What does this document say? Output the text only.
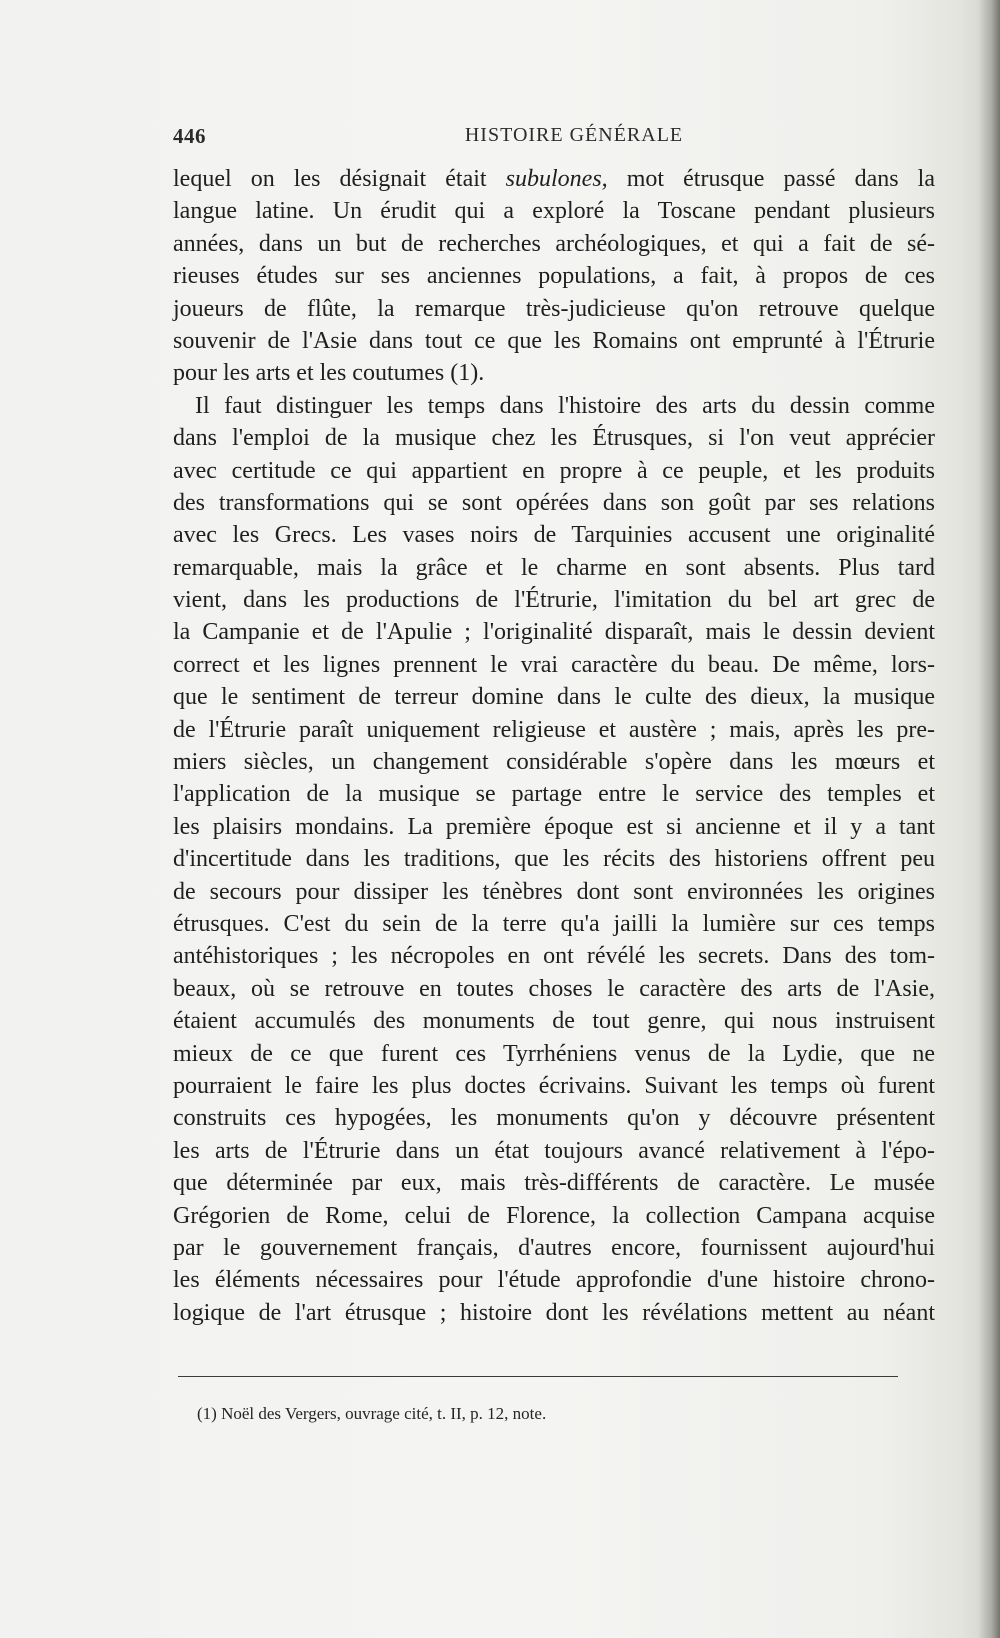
446	HISTOIRE GÉNÉRALE
lequel on les désignait était subulones, mot étrusque passé dans la
langue latine. Un érudit qui a exploré la Toscane pendant plusieurs
années, dans un but de recherches archéologiques, et qui a fait de sé-
rieuses études sur ses anciennes populations, a fait, à propos de ces
joueurs de flûte, la remarque très-judicieuse qu'on retrouve quelque
souvenir de l'Asie dans tout ce que les Romains ont emprunté à l'Étrurie
pour les arts et les coutumes (1).
Il faut distinguer les temps dans l'histoire des arts du dessin comme
dans l'emploi de la musique chez les Étrusques, si l'on veut apprécier
avec certitude ce qui appartient en propre à ce peuple, et les produits
des transformations qui se sont opérées dans son goût par ses relations
avec les Grecs. Les vases noirs de Tarquinies accusent une originalité
remarquable, mais la grâce et le charme en sont absents. Plus tard
vient, dans les productions de l'Étrurie, l'imitation du bel art grec de
la Campanie et de l'Apulie ; l'originalité disparaît, mais le dessin devient
correct et les lignes prennent le vrai caractère du beau. De même, lors-
que le sentiment de terreur domine dans le culte des dieux, la musique
de l'Étrurie paraît uniquement religieuse et austère ; mais, après les pre-
miers siècles, un changement considérable s'opère dans les mœurs et
l'application de la musique se partage entre le service des temples et
les plaisirs mondains. La première époque est si ancienne et il y a tant
d'incertitude dans les traditions, que les récits des historiens offrent peu
de secours pour dissiper les ténèbres dont sont environnées les origines
étrusques. C'est du sein de la terre qu'a jailli la lumière sur ces temps
antéhistoriques ; les nécropoles en ont révélé les secrets. Dans des tom-
beaux, où se retrouve en toutes choses le caractère des arts de l'Asie,
étaient accumulés des monuments de tout genre, qui nous instruisent
mieux de ce que furent ces Tyrrhéniens venus de la Lydie, que ne
pourraient le faire les plus doctes écrivains. Suivant les temps où furent
construits ces hypogées, les monuments qu'on y découvre présentent
les arts de l'Étrurie dans un état toujours avancé relativement à l'épo-
que déterminée par eux, mais très-différents de caractère. Le musée
Grégorien de Rome, celui de Florence, la collection Campana acquise
par le gouvernement français, d'autres encore, fournissent aujourd'hui
les éléments nécessaires pour l'étude approfondie d'une histoire chrono-
logique de l'art étrusque ; histoire dont les révélations mettent au néant
(1) Noël des Vergers, ouvrage cité, t. II, p. 12, note.
